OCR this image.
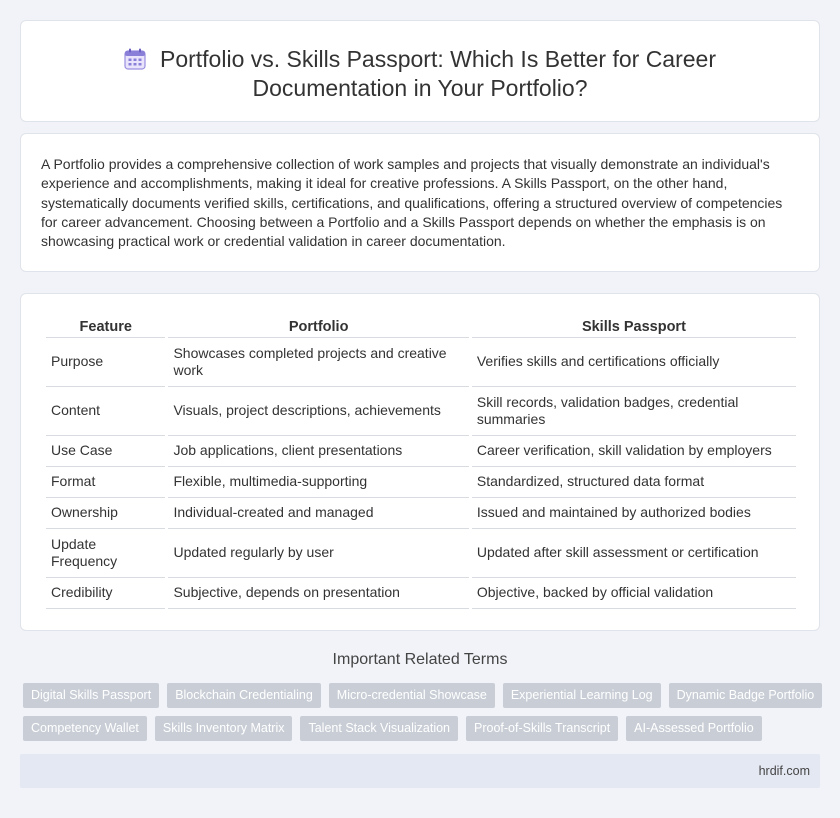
Portfolio vs. Skills Passport: Which Is Better for Career
Documentation in Your Portfolio?

A Portfolio provides a comprehensive collection of work samples and projects that visually demonstrate an individual's experience and accomplishments, making it ideal for creative professions. A Skills Passport, on the other hand, systematically documents verified skills, certifications, and qualifications, offering a structured overview of competencies for career advancement. Choosing between a Portfolio and a Skills Passport depends on whether the emphasis is on showcasing practical work or credential validation in career documentation.

Feature	Portfolio	Skills Passport
Purpose	Showcases completed projects and creative work	Verifies skills and certifications officially
Content	Visuals, project descriptions, achievements	Skill records, validation badges, credential summaries
Use Case	Job applications, client presentations	Career verification, skill validation by employers
Format	Flexible, multimedia-supporting	Standardized, structured data format
Ownership	Individual-created and managed	Issued and maintained by authorized bodies
Update Frequency	Updated regularly by user	Updated after skill assessment or certification
Credibility	Subjective, depends on presentation	Objective, backed by official validation
Important Related Terms
Digital Skills Passport	Blockchain Credentialing	Micro-credential Showcase	Experiential Learning Log	Dynamic Badge Portfolio
Competency Wallet	Skills Inventory Matrix	Talent Stack Visualization	Proof-of-Skills Transcript	AI-Assessed Portfolio
hrdif.com
